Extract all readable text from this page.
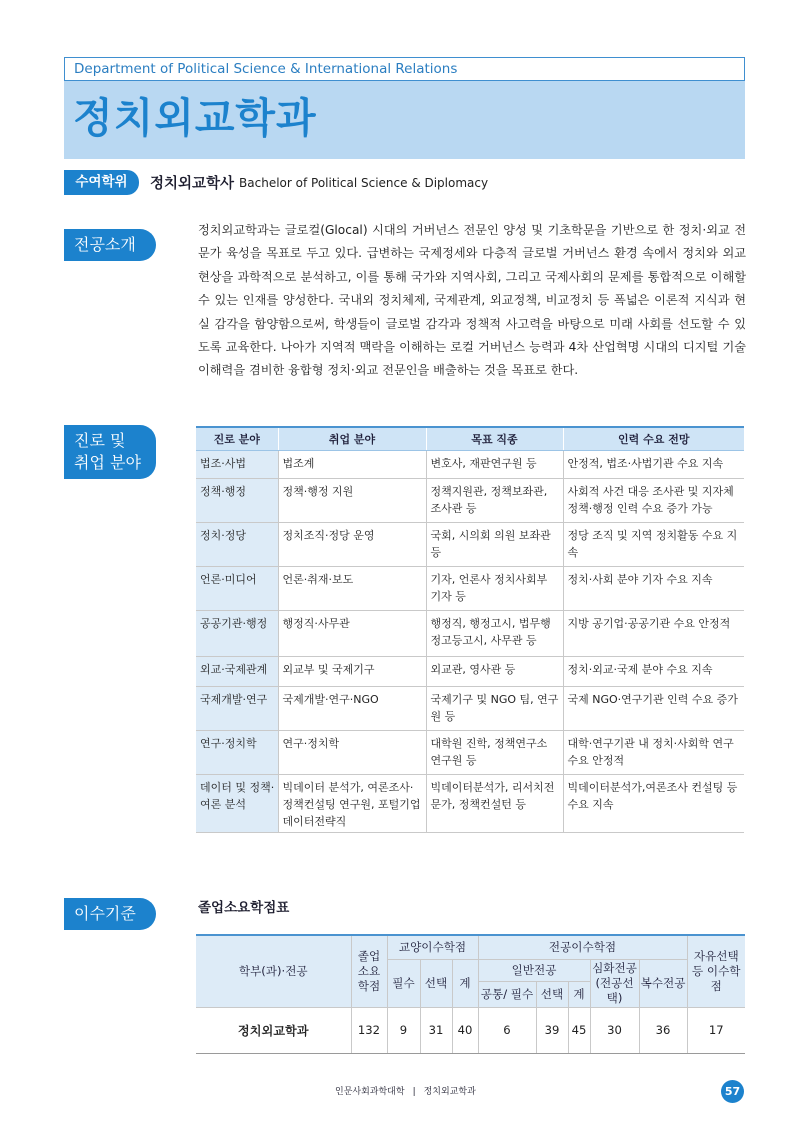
Department of Political Science & International Relations
정치외교학과
수여학위	정치외교학사 Bachelor of Political Science & Diplomacy
전공소개

정치외교학과는 글로컬(Glocal) 시대의 거버넌스 전문인 양성 및 기초학문을 기반으로 한 정치·외교 전문가 육성을 목표로 두고 있다. 급변하는 국제정세와 다층적 글로벌 거버넌스 환경 속에서 정치와 외교 현상을 과학적으로 분석하고, 이를 통해 국가와 지역사회, 그리고 국제사회의 문제를 통합적으로 이해할 수 있는 인재를 양성한다. 국내외 정치체제, 국제관계, 외교정책, 비교정치 등 폭넓은 이론적 지식과 현실 감각을 함양함으로써, 학생들이 글로벌 감각과 정책적 사고력을 바탕으로 미래 사회를 선도할 수 있도록 교육한다. 나아가 지역적 맥락을 이해하는 로컬 거버넌스 능력과 4차 산업혁명 시대의 디지털 기술 이해력을 겸비한 융합형 정치·외교 전문인을 배출하는 것을 목표로 한다.

진로 및
취업 분야
진로 분야	취업 분야	목표 직종	인력 수요 전망
법조·사법	법조계	변호사, 재판연구원 등	안정적, 법조·사법기관 수요 지속
정책·행정	정책·행정 지원	정책지원관, 정책보좌관, 조사관 등	사회적 사건 대응 조사관 및 지자체 정책·행정 인력 수요 증가 가능
정치·정당	정치조직·정당 운영	국회, 시의회 의원 보좌관 등	정당 조직 및 지역 정치활동 수요 지속
언론·미디어	언론·취재·보도	기자, 언론사 정치사회부 기자 등	정치·사회 분야 기자 수요 지속
공공기관·행정	행정직·사무관	행정직, 행정고시, 법무행정고등고시, 사무관 등	지방 공기업·공공기관 수요 안정적
외교·국제관계	외교부 및 국제기구	외교관, 영사관 등	정치·외교·국제 분야 수요 지속
국제개발·연구	국제개발·연구·NGO	국제기구 및 NGO 팀, 연구원 등	국제 NGO·연구기관 인력 수요 증가
연구·정치학	연구·정치학	대학원 진학, 정책연구소 연구원 등	대학·연구기관 내 정치·사회학 연구 수요 안정적
데이터 및 정책·여론 분석	빅데이터 분석가, 여론조사·정책컨설팅 연구원, 포털기업 데이터전략직	빅데이터분석가, 리서치전문가, 정책컨설턴 등	빅데이터분석가,여론조사 컨설팅 등 수요 지속
이수기준	졸업소요학점표
학부(과)·전공	졸업 소요 학점	교양이수학점			전공이수학점					자유선택 등 이수학점
		필수	선택	계	일반전공			심화전공 (전공선택)	복수전공	
					공통/ 필수	선택	계			
정치외교학과	132	9	31	40	6	39	45	30	36	17
인문사회과학대학 | 정치외교학과	57
